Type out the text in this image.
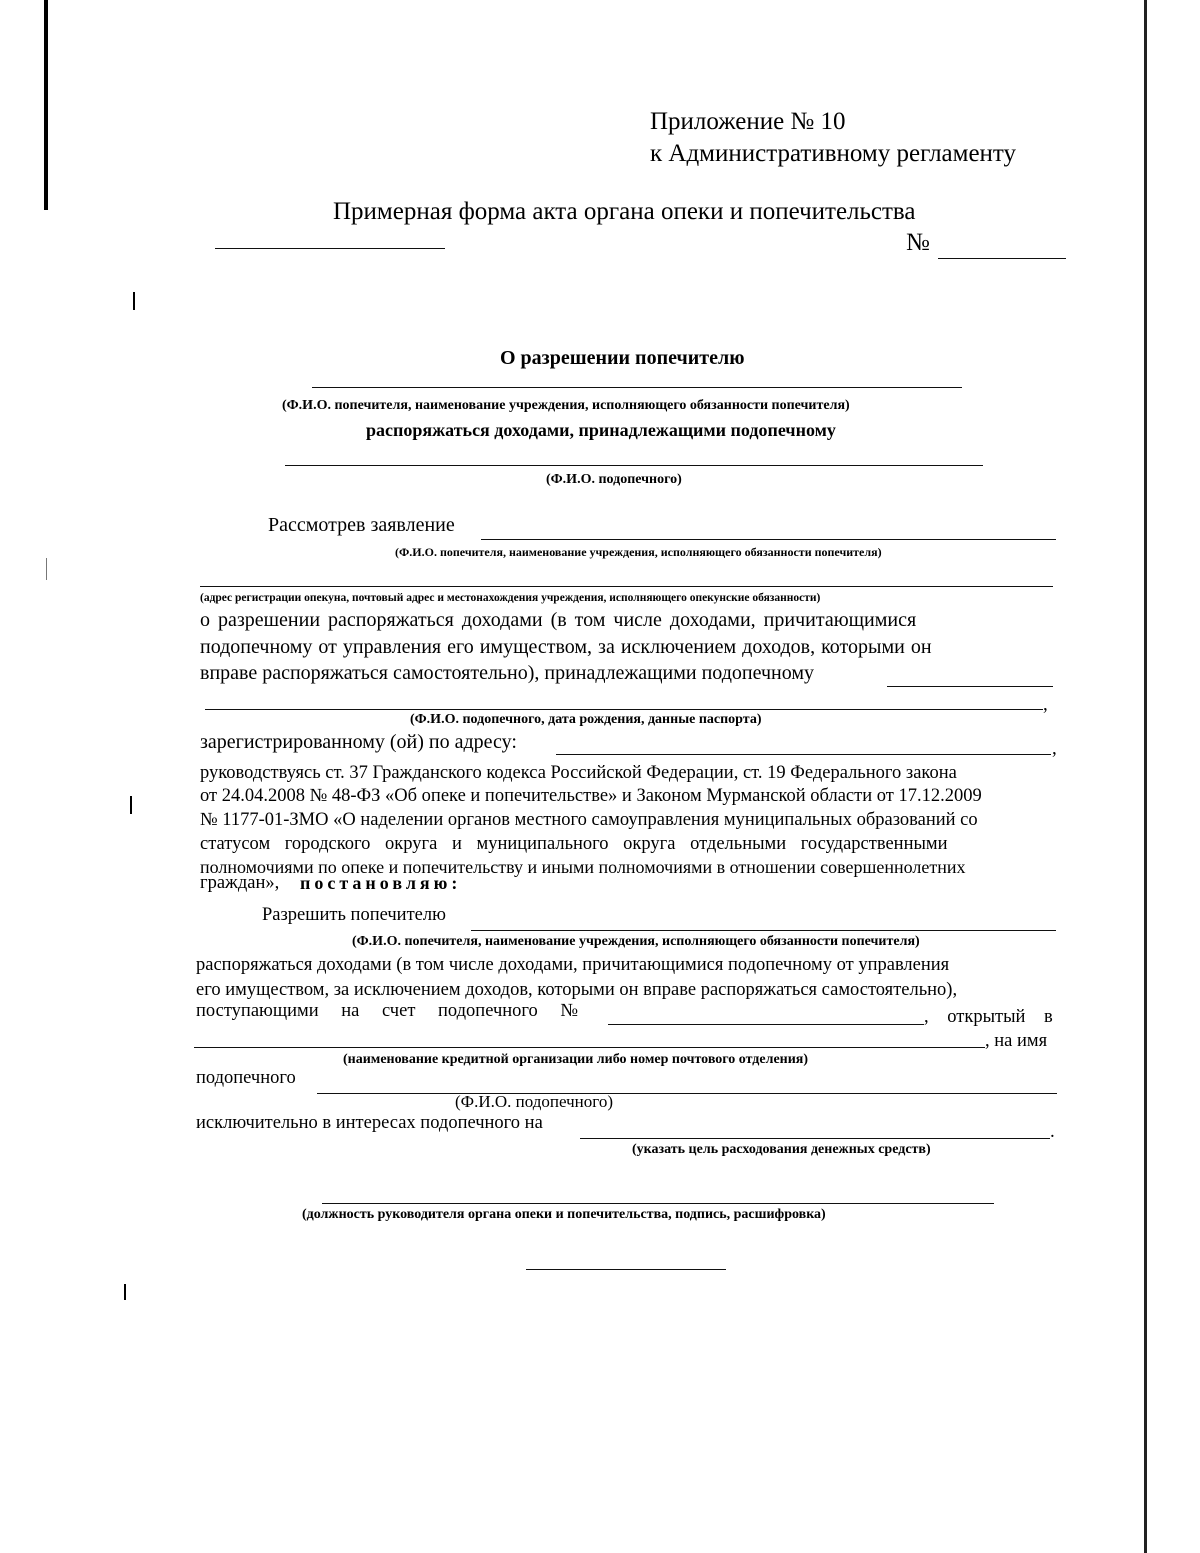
Приложение № 10
к Административному регламенту
Примерная форма акта органа опеки и попечительства
№
О разрешении попечителю
(Ф.И.О. попечителя, наименование учреждения, исполняющего обязанности попечителя)
распоряжаться доходами, принадлежащими подопечному
(Ф.И.О. подопечного)
Рассмотрев заявление
(Ф.И.О. попечителя, наименование учреждения, исполняющего обязанности попечителя)
(адрес регистрации опекуна, почтовый адрес и местонахождения учреждения, исполняющего опекунские обязанности)
о разрешении распоряжаться доходами (в том числе доходами, причитающимися
подопечному от управления его имуществом, за исключением доходов, которыми он
вправе распоряжаться самостоятельно), принадлежащими подопечному
,
(Ф.И.О. подопечного, дата рождения, данные паспорта)
зарегистрированному (ой) по адресу:	,
руководствуясь ст. 37 Гражданского кодекса Российской Федерации, ст. 19 Федерального закона
от 24.04.2008 № 48-ФЗ «Об опеке и попечительстве» и Законом Мурманской области от 17.12.2009
№ 1177-01-ЗМО «О наделении органов местного самоуправления муниципальных образований со
статусом городского округа и муниципального округа отдельными государственными
полномочиями по опеке и попечительству и иными полномочиями в отношении совершеннолетних
граждан», постановляю:
Разрешить попечителю
(Ф.И.О. попечителя, наименование учреждения, исполняющего обязанности попечителя)
распоряжаться доходами (в том числе доходами, причитающимися подопечному от управления
его имуществом, за исключением доходов, которыми он вправе распоряжаться самостоятельно),
поступающими на счет подопечного №	, открытый в
, на имя
(наименование кредитной организации либо номер почтового отделения)
подопечного
(Ф.И.О. подопечного)
исключительно в интересах подопечного на	.
(указать цель расходования денежных средств)
(должность руководителя органа опеки и попечительства, подпись, расшифровка)
